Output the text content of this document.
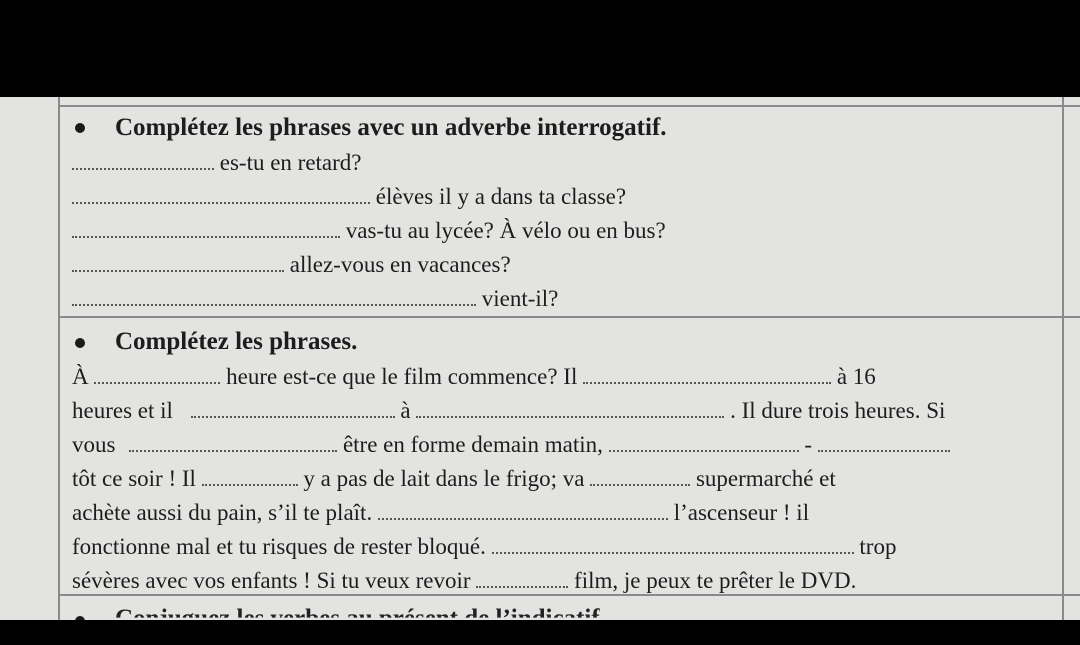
Complétez les phrases avec un adverbe interrogatif.
es-tu en retard?
élèves il y a dans ta classe?
vas-tu au lycée? À vélo ou en bus?
allez-vous en vacances?
vient-il?
Complétez les phrases.
À	heure est-ce que le film commence? Il	à 16
heures et il	à	. Il dure trois heures. Si
vous	être en forme demain matin,	-
tôt ce soir ! Il	y a pas de lait dans le frigo; va	supermarché et
achète aussi du pain, s’il te plaît.	l’ascenseur ! il
fonctionne mal et tu risques de rester bloqué.	trop
sévères avec vos enfants ! Si tu veux revoir	film, je peux te prêter le DVD.
